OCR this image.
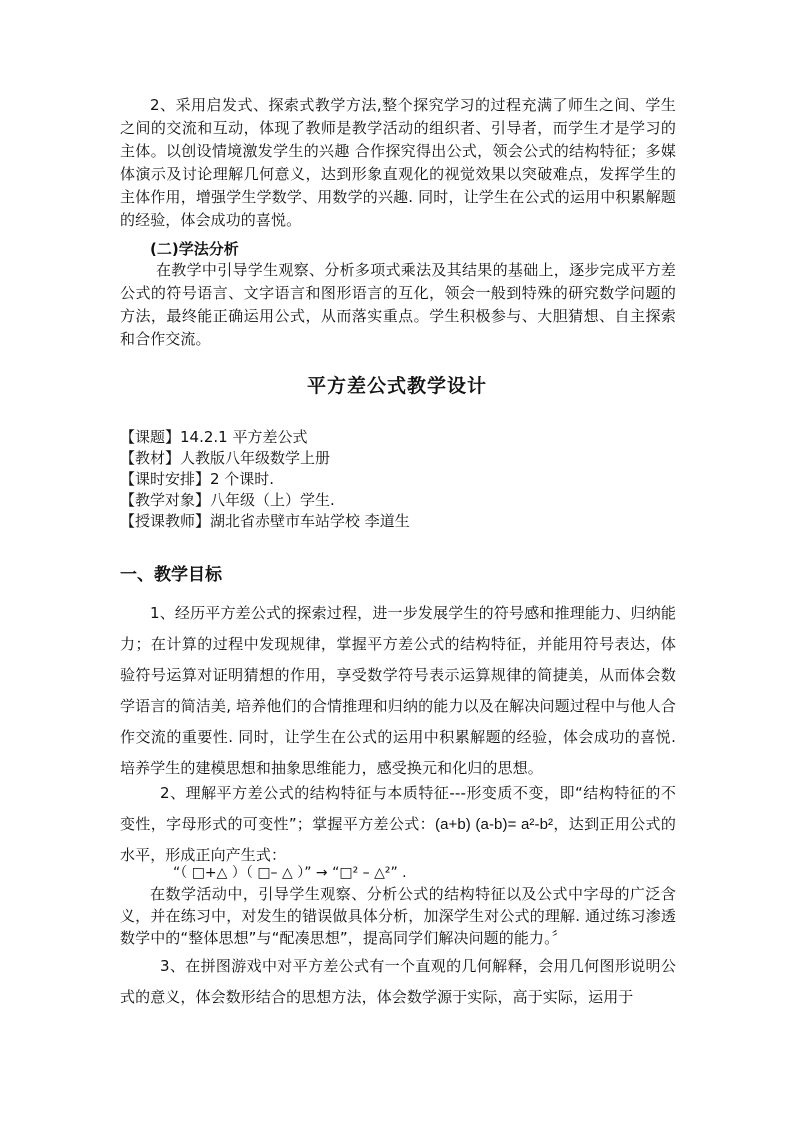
2、采用启发式、探索式教学方法,整个探究学习的过程充满了师生之间、学生之间的交流和互动，体现了教师是教学活动的组织者、引导者，而学生才是学习的主体。以创设情境激发学生的兴趣 合作探究得出公式，领会公式的结构特征；多媒体演示及讨论理解几何意义，达到形象直观化的视觉效果以突破难点，发挥学生的主体作用，增强学生学数学、用数学的兴趣. 同时，让学生在公式的运用中积累解题的经验，体会成功的喜悦。
(二)学法分析
在教学中引导学生观察、分析多项式乘法及其结果的基础上，逐步完成平方差公式的符号语言、文字语言和图形语言的互化，领会一般到特殊的研究数学问题的方法，最终能正确运用公式，从而落实重点。学生积极参与、大胆猜想、自主探索和合作交流。
平方差公式教学设计
【课题】14.2.1 平方差公式
【教材】人教版八年级数学上册
【课时安排】2 个课时.
【教学对象】八年级（上）学生.
【授课教师】湖北省赤壁市车站学校 李道生
一、教学目标
1、经历平方差公式的探索过程，进一步发展学生的符号感和推理能力、归纳能力；在计算的过程中发现规律，掌握平方差公式的结构特征，并能用符号表达，体验符号运算对证明猜想的作用，享受数学符号表示运算规律的简捷美，从而体会数学语言的简洁美, 培养他们的合情推理和归纳的能力以及在解决问题过程中与他人合作交流的重要性. 同时，让学生在公式的运用中积累解题的经验，体会成功的喜悦. 培养学生的建模思想和抽象思维能力，感受换元和化归的思想。
2、理解平方差公式的结构特征与本质特征---形变质不变，即“结构特征的不变性，字母形式的可变性”；掌握平方差公式：(a+b) (a-b)= a²-b²，达到正用公式的水平，形成正向产生式：
“（ □+△ ）（ □– △ ）” → “□² – △²” .
在数学活动中，引导学生观察、分析公式的结构特征以及公式中字母的广泛含义，并在练习中，对发生的错误做具体分析，加深学生对公式的理解. 通过练习渗透数学中的“整体思想”与“配凑思想”，提高同学们解决问题的能力。〞
3、在拼图游戏中对平方差公式有一个直观的几何解释，会用几何图形说明公式的意义，体会数形结合的思想方法，体会数学源于实际，高于实际，运用于
